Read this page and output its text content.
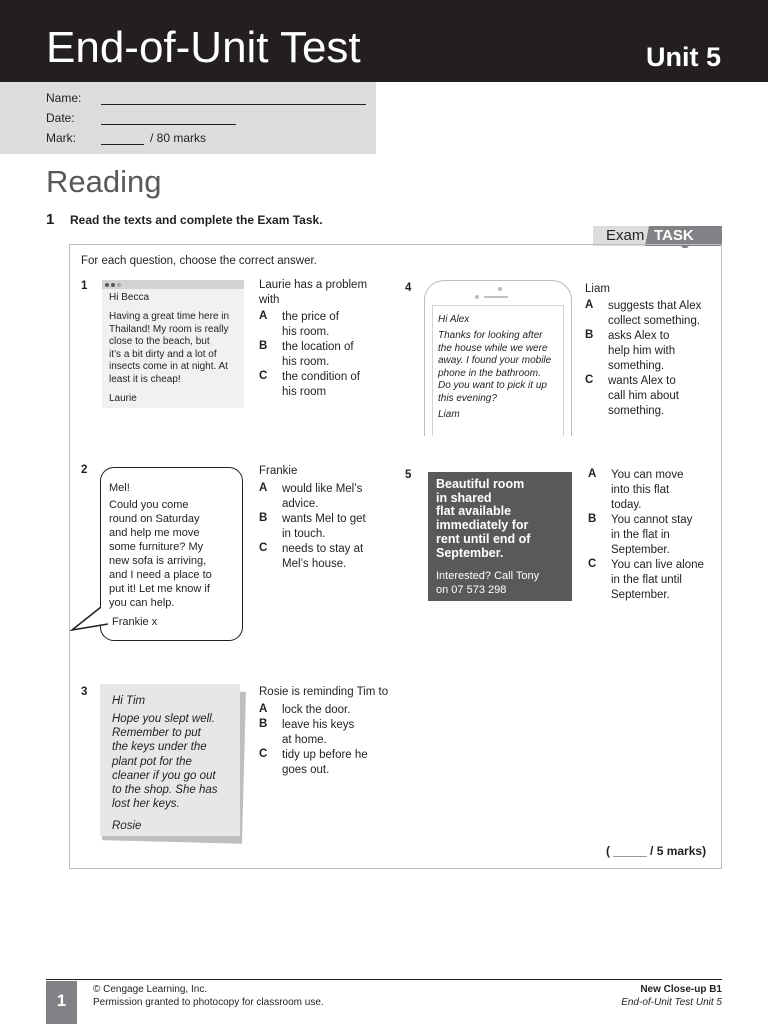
End-of-Unit Test	Unit 5
Name:
Date:
Mark:	/ 80 marks
Reading
1 Read the texts and complete the Exam Task.
Exam TASK
For each question, choose the correct answer.
1
Hi Becca
Having a great time here in
Thailand! My room is really
close to the beach, but
it’s a bit dirty and a lot of
insects come in at night. At
least it is cheap!
Laurie
Laurie has a problem
with
A the price of
his room.
B the location of
his room.
C the condition of
his room
4
Hi Alex
Thanks for looking after
the house while we were
away. I found your mobile
phone in the bathroom.
Do you want to pick it up
this evening?
Liam
Liam
A suggests that Alex
collect something.
B asks Alex to
help him with
something.
C wants Alex to
call him about
something.
2
Mel!
Could you come
round on Saturday
and help me move
some furniture? My
new sofa is arriving,
and I need a place to
put it! Let me know if
you can help.
Frankie x
Frankie
A would like Mel’s
advice.
B wants Mel to get
in touch.
C needs to stay at
Mel’s house.
5
Beautiful room
in shared
flat available
immediately for
rent until end of
September.
Interested? Call Tony
on 07 573 298
A You can move
into this flat
today.
B You cannot stay
in the flat in
September.
C You can live alone
in the flat until
September.
3
Hi Tim
Hope you slept well.
Remember to put
the keys under the
plant pot for the
cleaner if you go out
to the shop. She has
lost her keys.
Rosie
Rosie is reminding Tim to
A lock the door.
B leave his keys
at home.
C tidy up before he
goes out.
( _____ / 5 marks)
1
© Cengage Learning, Inc.
Permission granted to photocopy for classroom use.
New Close-up B1
End-of-Unit Test Unit 5
